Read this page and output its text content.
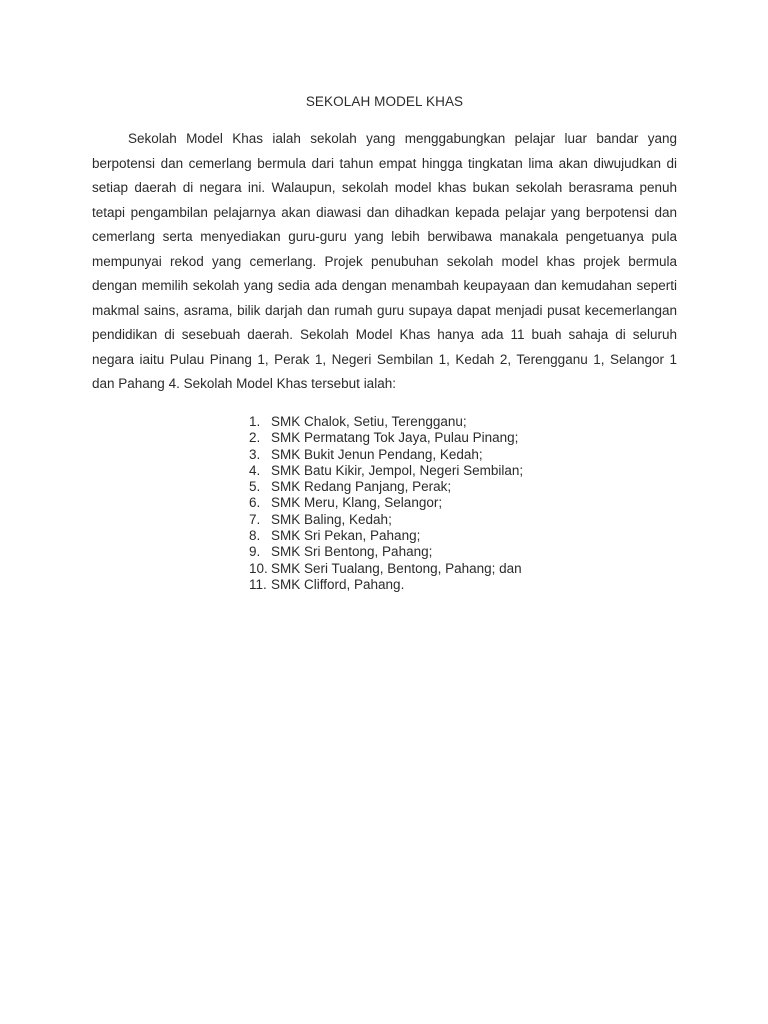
SEKOLAH MODEL KHAS

Sekolah Model Khas ialah sekolah yang menggabungkan pelajar luar bandar yang berpotensi dan cemerlang bermula dari tahun empat hingga tingkatan lima akan diwujudkan di setiap daerah di negara ini. Walaupun, sekolah model khas bukan sekolah berasrama penuh tetapi pengambilan pelajarnya akan diawasi dan dihadkan kepada pelajar yang berpotensi dan cemerlang serta menyediakan guru-guru yang lebih berwibawa manakala pengetuanya pula mempunyai rekod yang cemerlang. Projek penubuhan sekolah model khas projek bermula dengan memilih sekolah yang sedia ada dengan menambah keupayaan dan kemudahan seperti makmal sains, asrama, bilik darjah dan rumah guru supaya dapat menjadi pusat kecemerlangan pendidikan di sesebuah daerah. Sekolah Model Khas hanya ada 11 buah sahaja di seluruh negara iaitu Pulau Pinang 1, Perak 1, Negeri Sembilan 1, Kedah 2, Terengganu 1, Selangor 1 dan Pahang 4. Sekolah Model Khas tersebut ialah:

1. SMK Chalok, Setiu, Terengganu;
2. SMK Permatang Tok Jaya, Pulau Pinang;
3. SMK Bukit Jenun Pendang, Kedah;
4. SMK Batu Kikir, Jempol, Negeri Sembilan;
5. SMK Redang Panjang, Perak;
6. SMK Meru, Klang, Selangor;
7. SMK Baling, Kedah;
8. SMK Sri Pekan, Pahang;
9. SMK Sri Bentong, Pahang;
10. SMK Seri Tualang, Bentong, Pahang; dan
11. SMK Clifford, Pahang.
